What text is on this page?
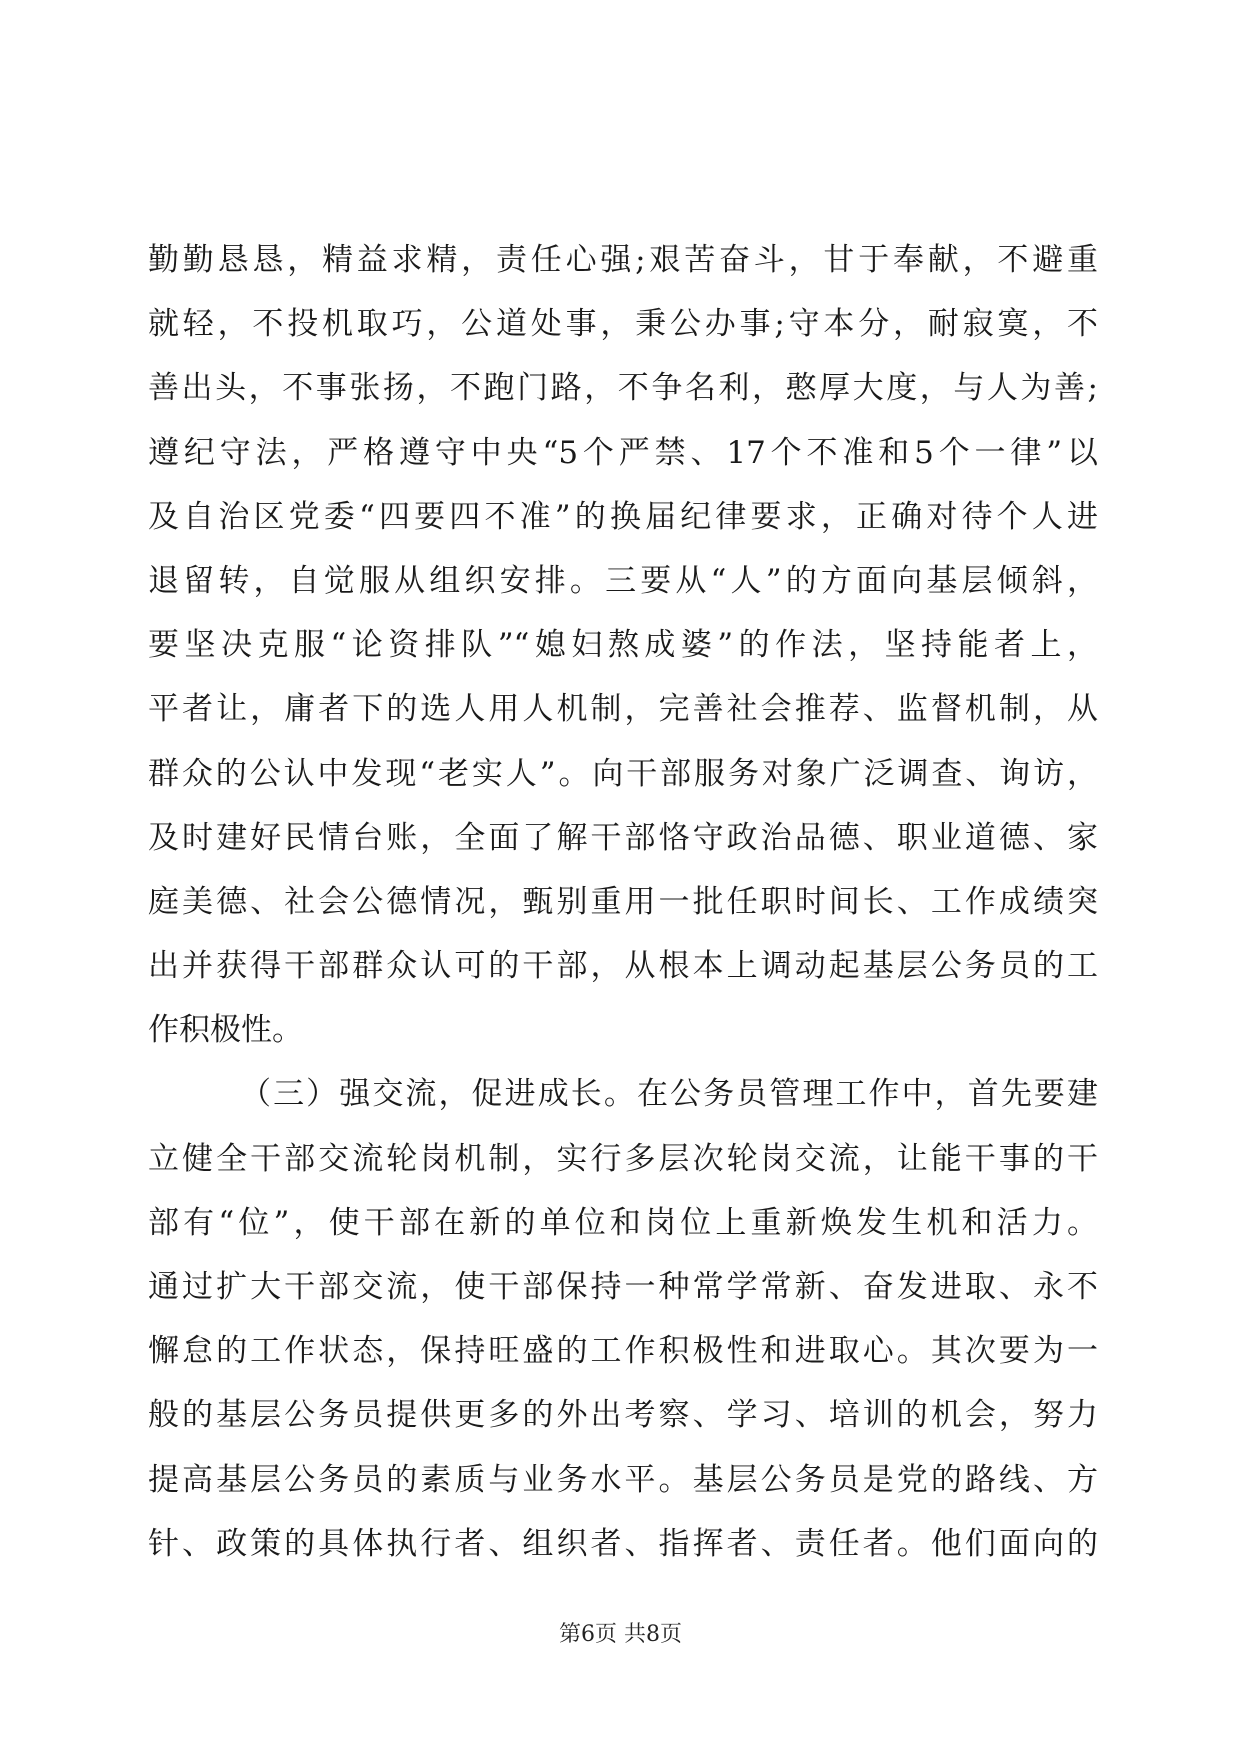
勤勤恳恳，精益求精，责任心强;艰苦奋斗，甘于奉献，不避重
就轻，不投机取巧，公道处事，秉公办事;守本分，耐寂寞，不
善出头，不事张扬，不跑门路，不争名利，憨厚大度，与人为善;
遵纪守法，严格遵守中央“5个严禁、17个不准和5个一律”以
及自治区党委“四要四不准”的换届纪律要求，正确对待个人进
退留转，自觉服从组织安排。三要从“人”的方面向基层倾斜，
要坚决克服“论资排队”“媳妇熬成婆”的作法，坚持能者上，
平者让，庸者下的选人用人机制，完善社会推荐、监督机制，从
群众的公认中发现“老实人”。向干部服务对象广泛调查、询访，
及时建好民情台账，全面了解干部恪守政治品德、职业道德、家
庭美德、社会公德情况，甄别重用一批任职时间长、工作成绩突
出并获得干部群众认可的干部，从根本上调动起基层公务员的工
作积极性。
（三）强交流，促进成长。在公务员管理工作中，首先要建
立健全干部交流轮岗机制，实行多层次轮岗交流，让能干事的干
部有“位”，使干部在新的单位和岗位上重新焕发生机和活力。
通过扩大干部交流，使干部保持一种常学常新、奋发进取、永不
懈怠的工作状态，保持旺盛的工作积极性和进取心。其次要为一
般的基层公务员提供更多的外出考察、学习、培训的机会，努力
提高基层公务员的素质与业务水平。基层公务员是党的路线、方
针、政策的具体执行者、组织者、指挥者、责任者。他们面向的
第6页 共8页
